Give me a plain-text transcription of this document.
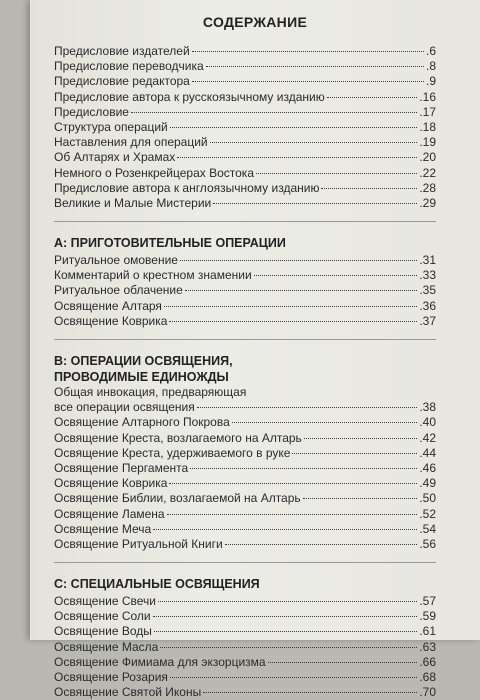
СОДЕРЖАНИЕ
Предисловие издателей	.6
Предисловие переводчика	.8
Предисловие редактора	.9
Предисловие автора к русскоязычному изданию	.16
Предисловие	.17
Структура операций	.18
Наставления для операций	.19
Об Алтарях и Храмах	.20
Немного о Розенкрейцерах Востока	.22
Предисловие автора к англоязычному изданию	.28
Великие и Малые Мистерии	.29
А: ПРИГОТОВИТЕЛЬНЫЕ ОПЕРАЦИИ
Ритуальное омовение	.31
Комментарий о крестном знамении	.33
Ритуальное облачение	.35
Освящение Алтаря	.36
Освящение Коврика	.37
В: ОПЕРАЦИИ ОСВЯЩЕНИЯ,
ПРОВОДИМЫЕ ЕДИНОЖДЫ
Общая инвокация, предваряющая
все операции освящения	.38
Освящение Алтарного Покрова	.40
Освящение Креста, возлагаемого на Алтарь	.42
Освящение Креста, удерживаемого в руке	.44
Освящение Пергамента	.46
Освящение Коврика	.49
Освящение Библии, возлагаемой на Алтарь	.50
Освящение Ламена	.52
Освящение Меча	.54
Освящение Ритуальной Книги	.56
С: СПЕЦИАЛЬНЫЕ ОСВЯЩЕНИЯ
Освящение Свечи	.57
Освящение Соли	.59
Освящение Воды	.61
Освящение Масла	.63
Освящение Фимиама для экзорцизма	.66
Освящение Розария	.68
Освящение Святой Иконы	.70
